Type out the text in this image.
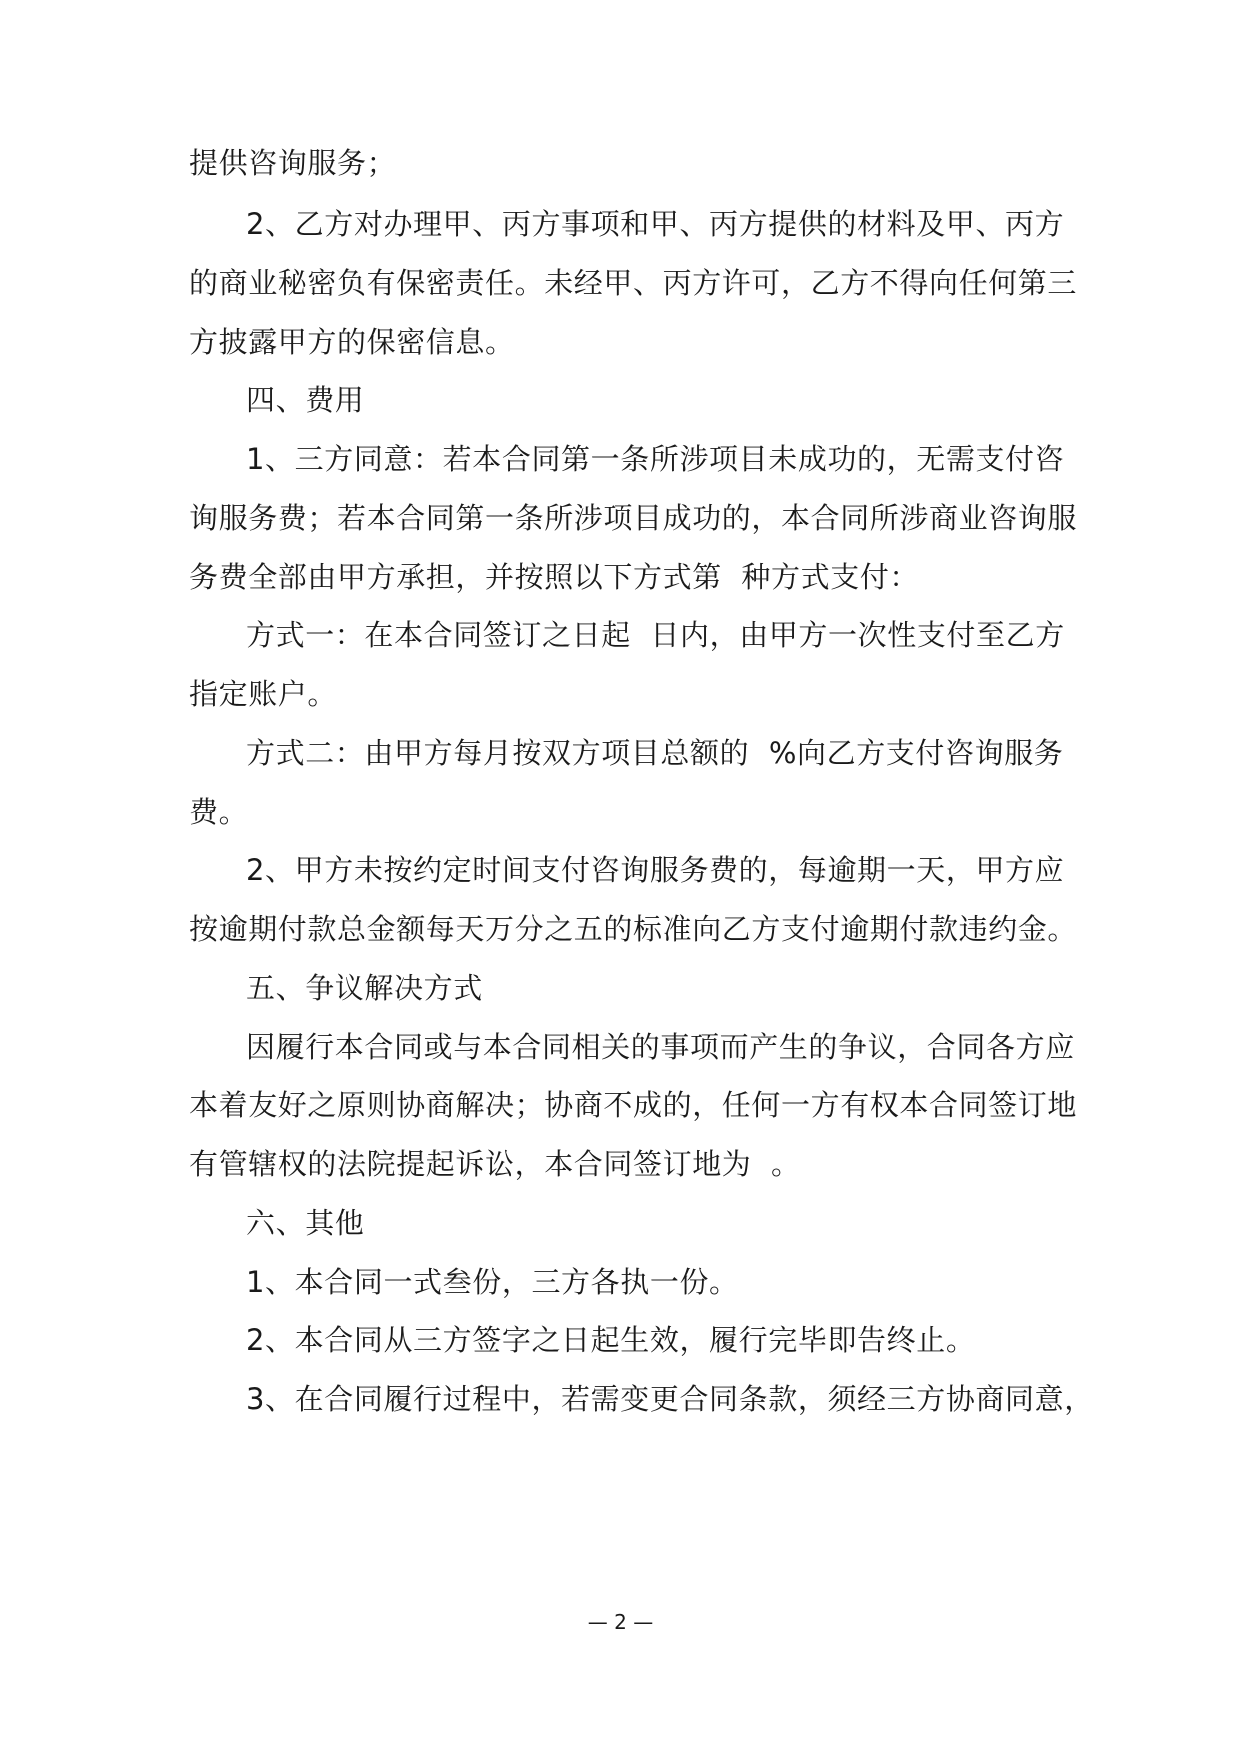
提供咨询服务；
2、乙方对办理甲、丙方事项和甲、丙方提供的材料及甲、丙方
的商业秘密负有保密责任。未经甲、丙方许可，乙方不得向任何第三
方披露甲方的保密信息。
四、费用
1、三方同意：若本合同第一条所涉项目未成功的，无需支付咨
询服务费；若本合同第一条所涉项目成功的，本合同所涉商业咨询服
务费全部由甲方承担，并按照以下方式第  种方式支付：
方式一：在本合同签订之日起  日内，由甲方一次性支付至乙方
指定账户。
方式二：由甲方每月按双方项目总额的  %向乙方支付咨询服务
费。
2、甲方未按约定时间支付咨询服务费的，每逾期一天，甲方应
按逾期付款总金额每天万分之五的标准向乙方支付逾期付款违约金。
五、争议解决方式
因履行本合同或与本合同相关的事项而产生的争议，合同各方应
本着友好之原则协商解决；协商不成的，任何一方有权本合同签订地
有管辖权的法院提起诉讼，本合同签订地为  。
六、其他
1、本合同一式叁份，三方各执一份。
2、本合同从三方签字之日起生效，履行完毕即告终止。
3、在合同履行过程中，若需变更合同条款，须经三方协商同意，
— 2 —
